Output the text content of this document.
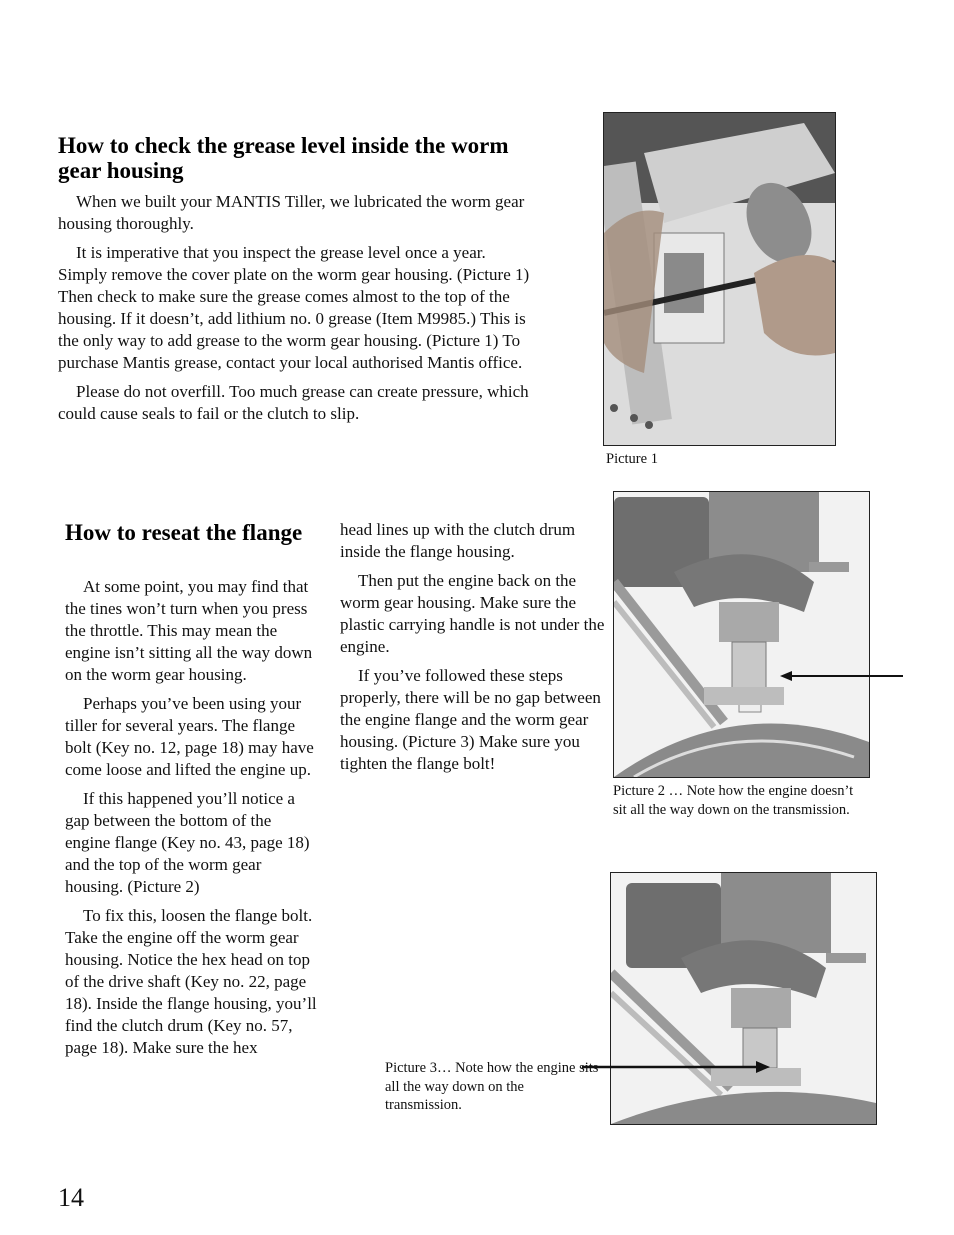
How to check the grease level inside the worm gear housing

When we built your MANTIS Tiller, we lubricated the worm gear housing thoroughly.

It is imperative that you inspect the grease level once a year. Simply remove the cover plate on the worm gear housing. (Picture 1) Then check to make sure the grease comes almost to the top of the housing. If it doesn’t, add lithium no. 0 grease (Item M9985.) This is the only way to add grease to the worm gear housing. (Picture 1) To purchase Mantis grease, contact your local authorised Mantis office.

Please do not overfill. Too much grease can create pressure, which could cause seals to fail or the clutch to slip.

Picture 1
How to reseat the flange

At some point, you may find that the tines won’t turn when you press the throttle. This may mean the engine isn’t sitting all the way down on the worm gear housing.

Perhaps you’ve been using your tiller for several years. The flange bolt (Key no. 12, page 18) may have come loose and lifted the engine up.

If this happened you’ll notice a gap between the bottom of the engine flange (Key no. 43, page 18) and the top of the worm gear housing. (Picture 2)

To fix this, loosen the flange bolt. Take the engine off the worm gear housing. Notice the hex head on top of the drive shaft (Key no. 22, page 18). Inside the flange housing, you’ll find the clutch drum (Key no. 57, page 18). Make sure the hex

head lines up with the clutch drum inside the flange housing.

Then put the engine back on the worm gear housing. Make sure the plastic carrying handle is not under the engine.

If you’ve followed these steps properly, there will be no gap between the engine flange and the worm gear housing. (Picture 3) Make sure you tighten the flange bolt!

Picture 2 … Note how the engine doesn’t sit all the way down on the transmission.
Picture 3… Note how the engine sits all the way down on the transmission.
14
